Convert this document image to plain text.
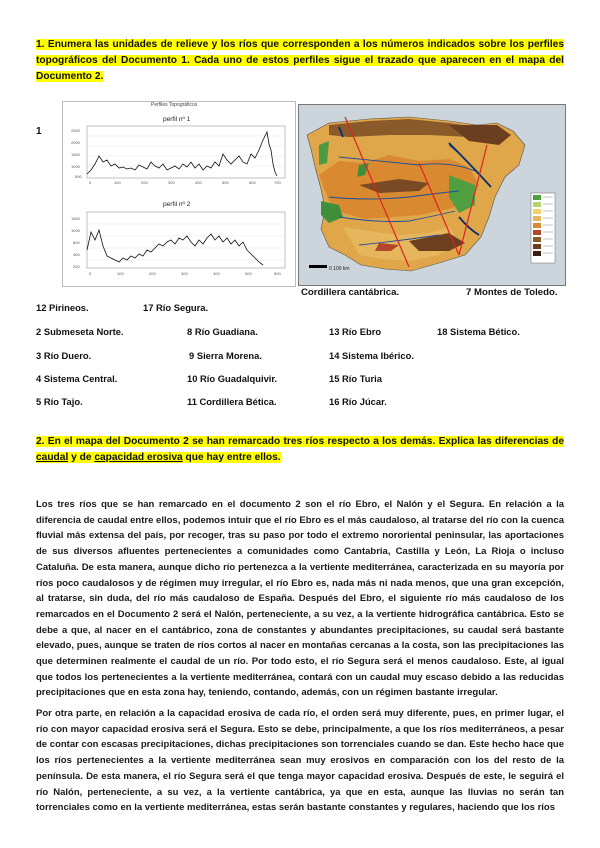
1. Enumera las unidades de relieve y los ríos que corresponden a los números indicados sobre los perfiles topográficos del Documento 1. Cada uno de estos perfiles sigue el trazado que aparecen en el mapa del Documento 2.
1
Perfiles Topográficos
perfil nº 1
2500
2000
1500
1000
500
0	100	200	300	400	500	600	700
perfil nº 2
1500
1000
800
400
200
0	100	200	300	400	500	600
0 100 km
Cordillera cantábrica.	7 Montes de Toledo.
12 Pirineos.	17 Río Segura.
2 Submeseta Norte.	8 Río Guadiana.	13 Río Ebro	18 Sistema Bético.
3 Río Duero.	9 Sierra Morena.	14 Sistema Ibérico.
4 Sistema Central.	10 Río Guadalquivir.	15 Río Turia
5 Río Tajo.	11 Cordillera Bética.	16 Río Júcar.
2. En el mapa del Documento 2 se han remarcado tres ríos respecto a los demás. Explica las diferencias de caudal y de capacidad erosiva que hay entre ellos.
Los tres ríos que se han remarcado en el documento 2 son el río Ebro, el Nalón y el Segura. En relación a la diferencia de caudal entre ellos, podemos intuir que el río Ebro es el más caudaloso, al tratarse del río con la cuenca fluvial más extensa del país, por recoger, tras su paso por todo el extremo nororiental peninsular, las aportaciones de sus diversos afluentes pertenecientes a comunidades como Cantabria, Castilla y León, La Rioja o incluso Cataluña. De esta manera, aunque dicho río pertenezca a la vertiente mediterránea, caracterizada en su mayoría por ríos poco caudalosos y de régimen muy irregular, el río Ebro es, nada más ni nada menos, que una gran excepción, al tratarse, sin duda, del río más caudaloso de España. Después del Ebro, el siguiente río más caudaloso de los remarcados en el Documento 2 será el Nalón, perteneciente, a su vez, a la vertiente hidrográfica cantábrica. Esto se debe a que, al nacer en el cantábrico, zona de constantes y abundantes precipitaciones, su caudal será bastante elevado, pues, aunque se traten de ríos cortos al nacer en montañas cercanas a la costa, son las precipitaciones las que determinen realmente el caudal de un río. Por todo esto, el río Segura será el menos caudaloso. Este, al igual que todos los pertenecientes a la vertiente mediterránea, contará con un caudal muy escaso debido a las reducidas precipitaciones que en esta zona hay, teniendo, contando, además, con un régimen bastante irregular.
Por otra parte, en relación a la capacidad erosiva de cada río, el orden será muy diferente, pues, en primer lugar, el río con mayor capacidad erosiva será el Segura. Esto se debe, principalmente, a que los ríos mediterráneos, a pesar de contar con escasas precipitaciones, dichas precipitaciones son torrenciales cuando se dan. Este hecho hace que los ríos pertenecientes a la vertiente mediterránea sean muy erosivos en comparación con los del resto de la península. De esta manera, el río Segura será el que tenga mayor capacidad erosiva. Después de este, le seguirá el río Nalón, perteneciente, a su vez, a la vertiente cantábrica, ya que en esta, aunque las lluvias no serán tan torrenciales como en la vertiente mediterránea, estas serán bastante constantes y regulares, haciendo que los ríos
